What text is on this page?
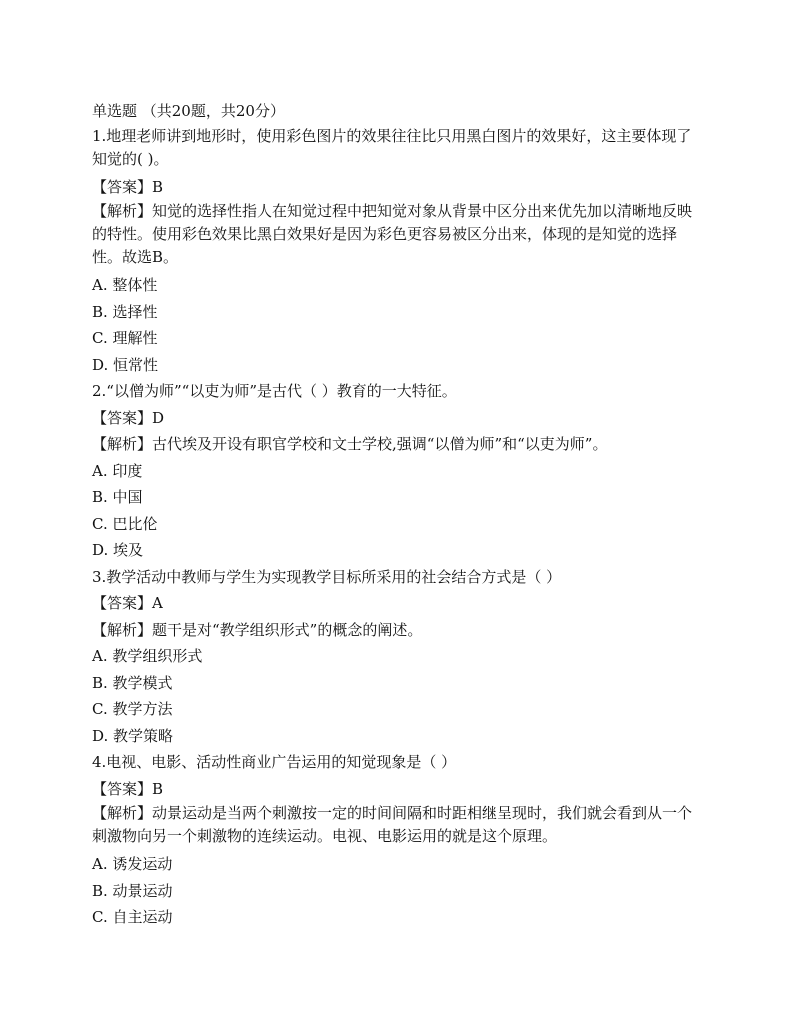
单选题 （共20题，共20分）
1.地理老师讲到地形时，使用彩色图片的效果往往比只用黑白图片的效果好，这主要体现了知觉的( )。
【答案】B
【解析】知觉的选择性指人在知觉过程中把知觉对象从背景中区分出来优先加以清晰地反映的特性。使用彩色效果比黑白效果好是因为彩色更容易被区分出来，体现的是知觉的选择性。故选B。
A. 整体性
B. 选择性
C. 理解性
D. 恒常性
2.“以僧为师”“以吏为师”是古代（ ）教育的一大特征。
【答案】D
【解析】古代埃及开设有职官学校和文士学校,强调“以僧为师”和“以吏为师”。
A. 印度
B. 中国
C. 巴比伦
D. 埃及
3.教学活动中教师与学生为实现教学目标所采用的社会结合方式是（ ）
【答案】A
【解析】题干是对“教学组织形式”的概念的阐述。
A. 教学组织形式
B. 教学模式
C. 教学方法
D. 教学策略
4.电视、电影、活动性商业广告运用的知觉现象是（ ）
【答案】B
【解析】动景运动是当两个刺激按一定的时间间隔和时距相继呈现时，我们就会看到从一个刺激物向另一个刺激物的连续运动。电视、电影运用的就是这个原理。
A. 诱发运动
B. 动景运动
C. 自主运动
